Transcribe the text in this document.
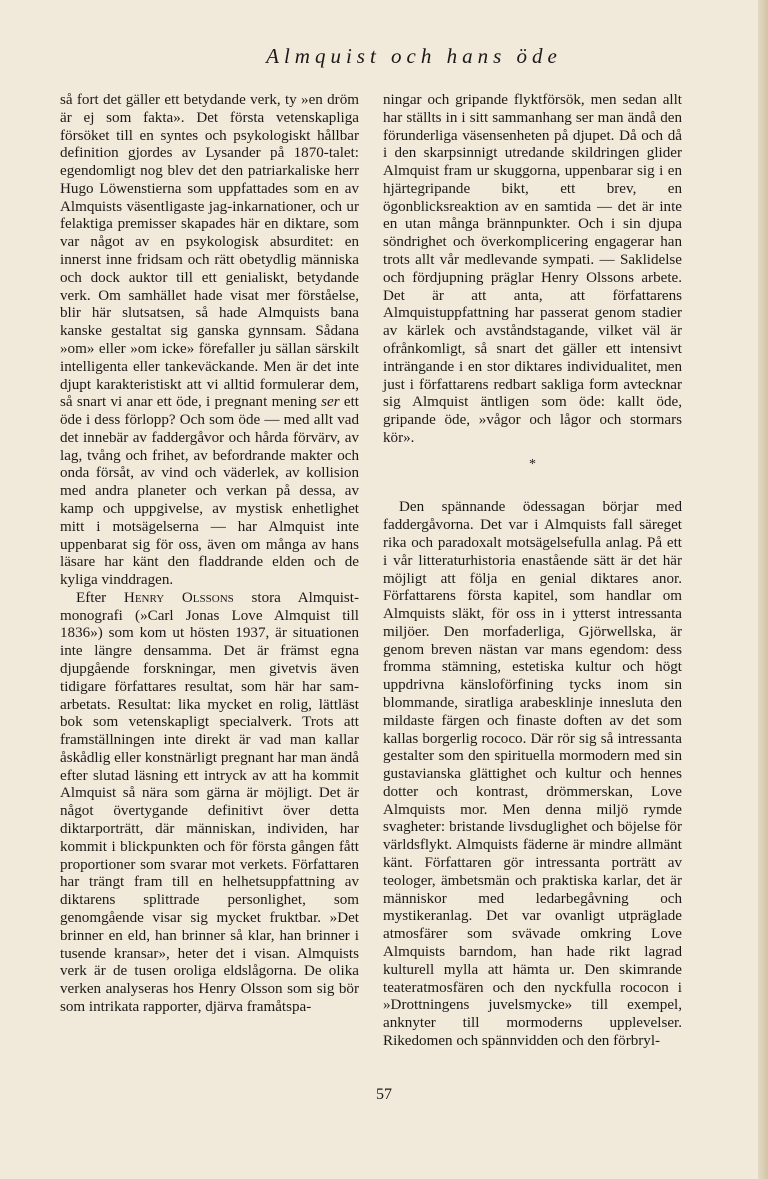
Almquist och hans öde

så fort det gäller ett betydande verk, ty »en dröm är ej som fakta». Det första vetenskapliga försöket till en syntes och psykologiskt hållbar definition gjordes av Lysander på 1870-talet: egendomligt nog blev det den patriarkaliske herr Hugo Löwenstierna som uppfattades som en av Almquists väsentligaste jag-inkarnationer, och ur felaktiga premisser skapades här en diktare, som var något av en psykologisk absurditet: en innerst inne fridsam och rätt obetydlig människa och dock auktor till ett genialiskt, betydande verk. Om samhället hade visat mer förståelse, blir här slutsatsen, så hade Almquists bana kanske gestaltat sig ganska gynnsam. Sådana »om» eller »om icke» förefaller ju sällan särskilt intelligenta eller tankeväckande. Men är det inte djupt karakteristiskt att vi alltid formulerar dem, så snart vi anar ett öde, i pregnant mening ser ett öde i dess förlopp? Och som öde — med allt vad det innebär av faddergåvor och hårda förvärv, av lag, tvång och frihet, av befordrande makter och onda försåt, av vind och väderlek, av kollision med andra planeter och verkan på dessa, av kamp och uppgivelse, av mystisk enhetlighet mitt i motsägelserna — har Almquist inte uppenbarat sig för oss, även om många av hans läsare har känt den fladdrande elden och de kyliga vinddragen.

Efter Henry Olssons stora Almquist-monografi (»Carl Jonas Love Almquist till 1836») som kom ut hösten 1937, är situationen inte längre densamma. Det är främst egna djupgående forskningar, men givetvis även tidigare författares resultat, som här har sam-arbetats. Resultat: lika mycket en rolig, lättläst bok som vetenskapligt specialverk. Trots att framställningen inte direkt är vad man kallar åskådlig eller konstnärligt pregnant har man ändå efter slutad läsning ett intryck av att ha kommit Almquist så nära som gärna är möjligt. Det är något övertygande definitivt över detta diktarporträtt, där människan, individen, har kommit i blickpunkten och för första gången fått proportioner som svarar mot verkets. Författaren har trängt fram till en helhetsuppfattning av diktarens splittrade personlighet, som genomgående visar sig mycket fruktbar. »Det brinner en eld, han brinner så klar, han brinner i tusende kransar», heter det i visan. Almquists verk är de tusen oroliga eldslågorna. De olika verken analyseras hos Henry Olsson som sig bör som intrikata rapporter, djärva framåtspa-

ningar och gripande flyktförsök, men sedan allt har ställts in i sitt sammanhang ser man ändå den förunderliga väsensenheten på djupet. Då och då i den skarpsinnigt utredande skildringen glider Almquist fram ur skuggorna, uppenbarar sig i en hjärtegripande bikt, ett brev, en ögonblicksreaktion av en samtida — det är inte en utan många brännpunkter. Och i sin djupa söndrighet och överkomplicering engagerar han trots allt vår medlevande sympati. — Saklidelse och fördjupning präglar Henry Olssons arbete. Det är att anta, att författarens Almquistuppfattning har passerat genom stadier av kärlek och avståndstagande, vilket väl är ofrånkomligt, så snart det gäller ett intensivt inträngande i en stor diktares individualitet, men just i författarens redbart sakliga form avtecknar sig Almquist äntligen som öde: kallt öde, gripande öde, »vågor och lågor och stormars kör».

*

Den spännande ödessagan börjar med faddergåvorna. Det var i Almquists fall säreget rika och paradoxalt motsägelsefulla anlag. På ett i vår litteraturhistoria enastående sätt är det här möjligt att följa en genial diktares anor. Författarens första kapitel, som handlar om Almquists släkt, för oss in i ytterst intressanta miljöer. Den morfaderliga, Gjörwellska, är genom breven nästan var mans egendom: dess fromma stämning, estetiska kultur och högt uppdrivna känsloförfining tycks inom sin blommande, siratliga arabesklinje innesluta den mildaste färgen och finaste doften av det som kallas borgerlig rococo. Där rör sig så intressanta gestalter som den spirituella mormodern med sin gustavianska glättighet och kultur och hennes dotter och kontrast, drömmerskan, Love Almquists mor. Men denna miljö rymde svagheter: bristande livsduglighet och böjelse för världsflykt. Almquists fäderne är mindre allmänt känt. Författaren gör intressanta porträtt av teologer, ämbetsmän och praktiska karlar, det är människor med ledarbegåvning och mystikeranlag. Det var ovanligt utpräglade atmosfärer som svävade omkring Love Almquists barndom, han hade rikt lagrad kulturell mylla att hämta ur. Den skimrande teateratmosfären och den nyckfulla rococon i »Drottningens juvelsmycke» till exempel, anknyter till mormoderns upplevelser. Rikedomen och spännvidden och den förbryl-

57
